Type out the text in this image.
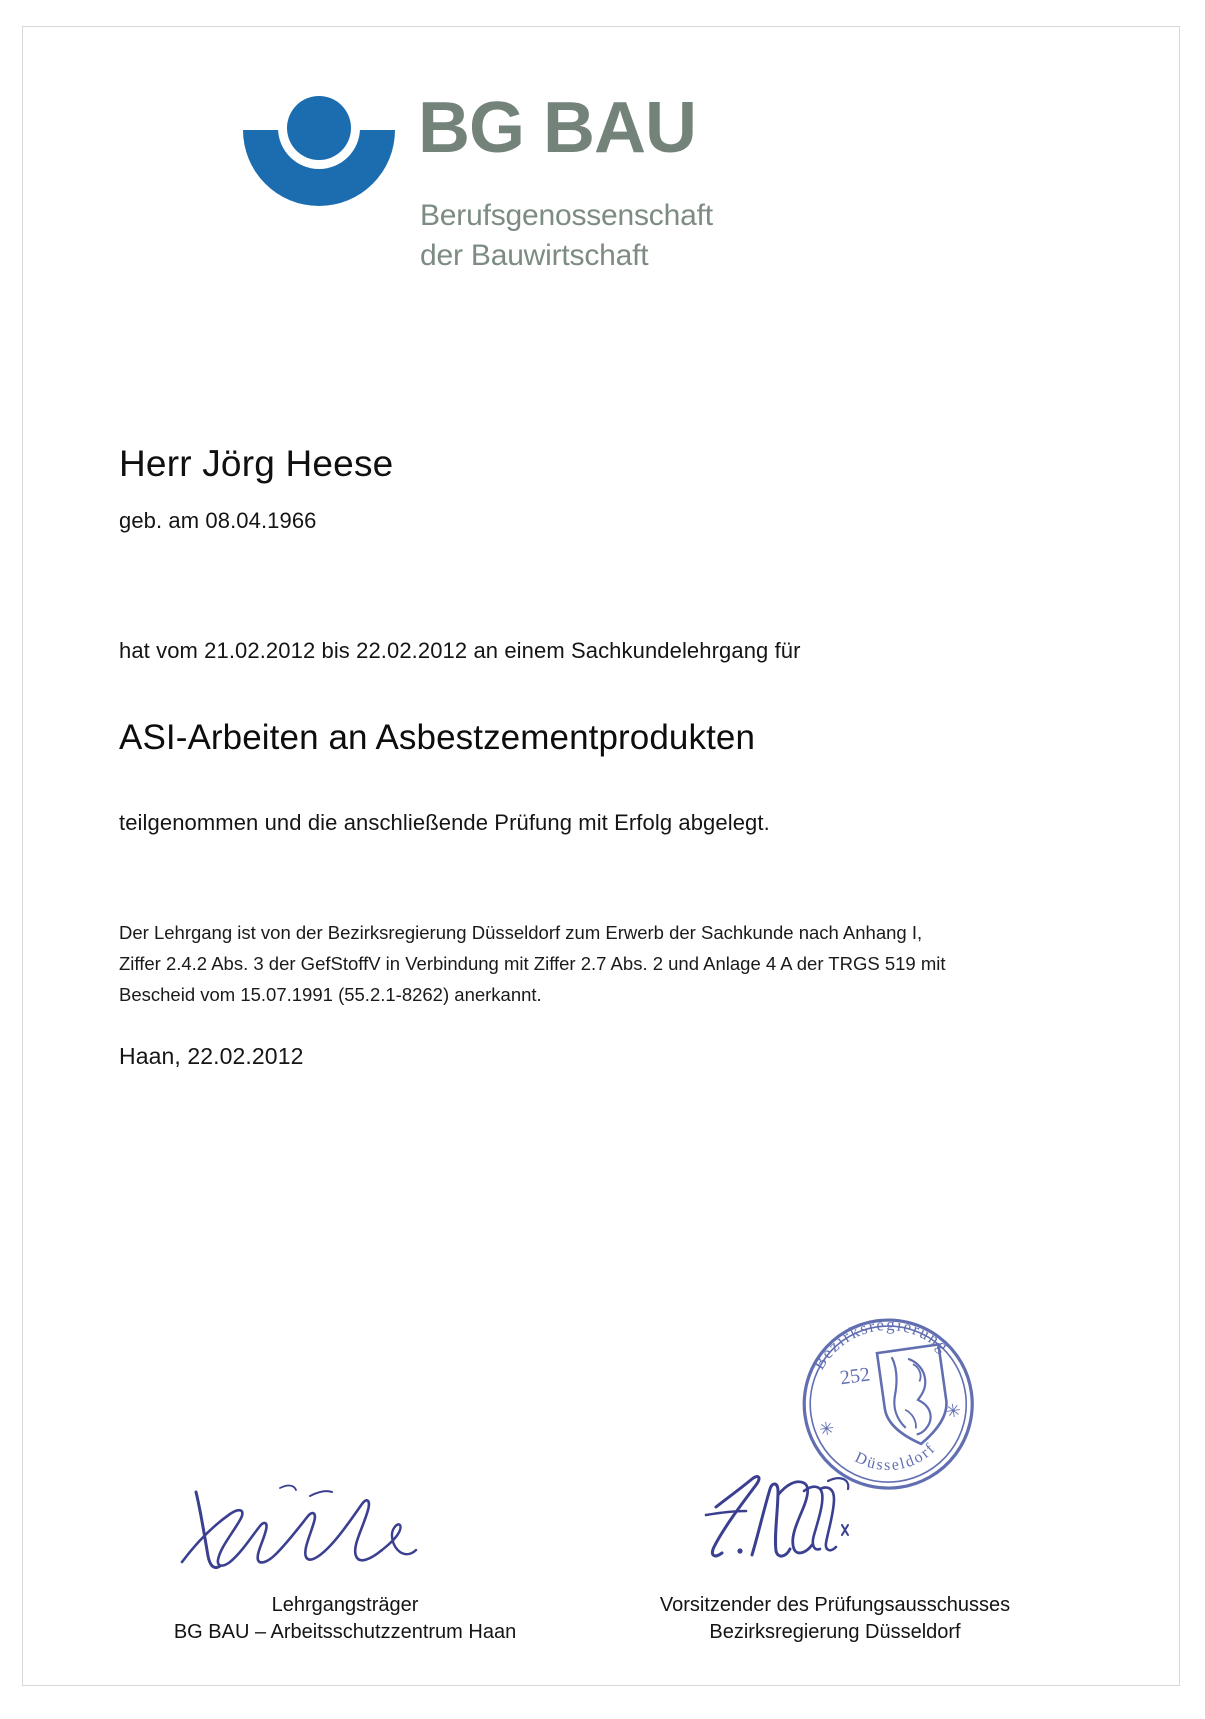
BG BAU
Berufsgenossenschaft
der Bauwirtschaft
Herr Jörg Heese
geb. am 08.04.1966
hat vom 21.02.2012 bis 22.02.2012 an einem Sachkundelehrgang für
ASI-Arbeiten an Asbestzementprodukten
teilgenommen und die anschließende Prüfung mit Erfolg abgelegt.
Der Lehrgang ist von der Bezirksregierung Düsseldorf zum Erwerb der Sachkunde nach Anhang I,
Ziffer 2.4.2 Abs. 3 der GefStoffV in Verbindung mit Ziffer 2.7 Abs. 2 und Anlage 4 A der TRGS 519 mit
Bescheid vom 15.07.1991 (55.2.1-8262) anerkannt.
Haan, 22.02.2012
Bezirksregierung
Düsseldorf
252
✳
✳
Lehrgangsträger
BG BAU – Arbeitsschutzzentrum Haan
Vorsitzender des Prüfungsausschusses
Bezirksregierung Düsseldorf
